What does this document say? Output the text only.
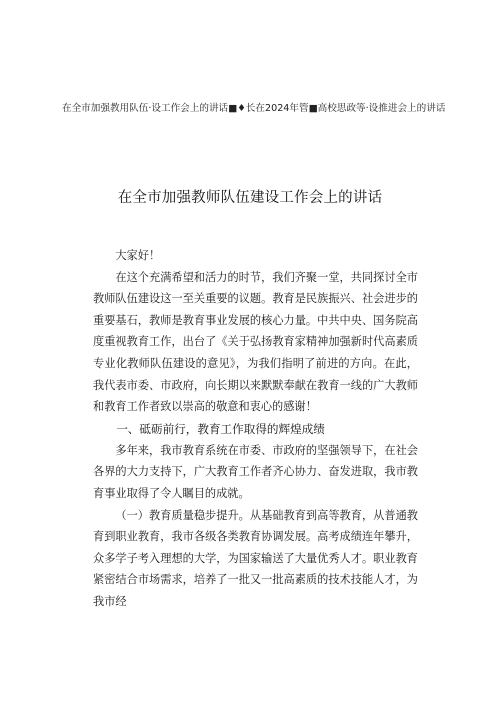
在全市加强教用队伍·设工作会上的讲话■♦长在2024年管■高校思政等·设推进会上的讲话
在全市加强教师队伍建设工作会上的讲话

大家好！

在这个充满希望和活力的时节，我们齐聚一堂，共同探讨全市教师队伍建设这一至关重要的议题。教育是民族振兴、社会进步的重要基石，教师是教育事业发展的核心力量。中共中央、国务院高度重视教育工作，出台了《关于弘扬教育家精神加强新时代高素质专业化教师队伍建设的意见》，为我们指明了前进的方向。在此，我代表市委、市政府，向长期以来默默奉献在教育一线的广大教师和教育工作者致以崇高的敬意和衷心的感谢！

一、砥砺前行，教育工作取得的辉煌成绩

多年来，我市教育系统在市委、市政府的坚强领导下，在社会各界的大力支持下，广大教育工作者齐心协力、奋发进取，我市教育事业取得了令人瞩目的成就。

（一）教育质量稳步提升。从基础教育到高等教育，从普通教育到职业教育，我市各级各类教育协调发展。高考成绩连年攀升，众多学子考入理想的大学，为国家输送了大量优秀人才。职业教育紧密结合市场需求，培养了一批又一批高素质的技术技能人才，为我市经
